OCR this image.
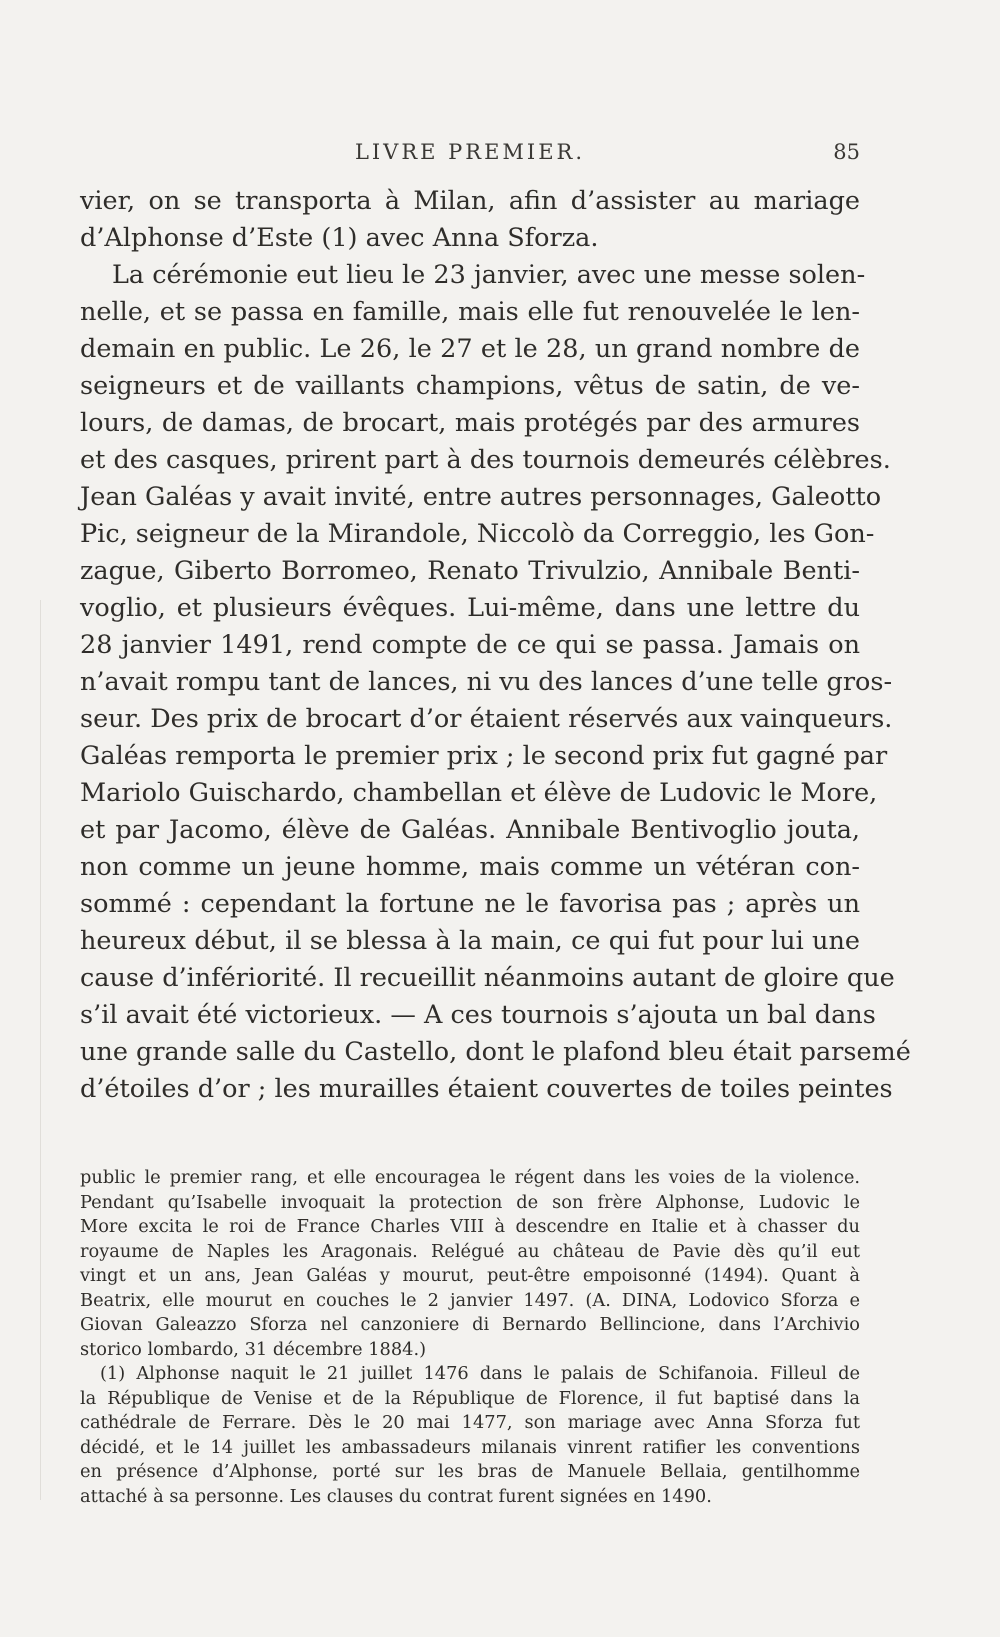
LIVRE PREMIER.	85
vier, on se transporta à Milan, afin d’assister au mariage
d’Alphonse d’Este (1) avec Anna Sforza.
La cérémonie eut lieu le 23 janvier, avec une messe solen-
nelle, et se passa en famille, mais elle fut renouvelée le len-
demain en public. Le 26, le 27 et le 28, un grand nombre de
seigneurs et de vaillants champions, vêtus de satin, de ve-
lours, de damas, de brocart, mais protégés par des armures
et des casques, prirent part à des tournois demeurés célèbres.
Jean Galéas y avait invité, entre autres personnages, Galeotto
Pic, seigneur de la Mirandole, Niccolò da Correggio, les Gon-
zague, Giberto Borromeo, Renato Trivulzio, Annibale Benti-
voglio, et plusieurs évêques. Lui-même, dans une lettre du
28 janvier 1491, rend compte de ce qui se passa. Jamais on
n’avait rompu tant de lances, ni vu des lances d’une telle gros-
seur. Des prix de brocart d’or étaient réservés aux vainqueurs.
Galéas remporta le premier prix ; le second prix fut gagné par
Mariolo Guischardo, chambellan et élève de Ludovic le More,
et par Jacomo, élève de Galéas. Annibale Bentivoglio jouta,
non comme un jeune homme, mais comme un vétéran con-
sommé : cependant la fortune ne le favorisa pas ; après un
heureux début, il se blessa à la main, ce qui fut pour lui une
cause d’infériorité. Il recueillit néanmoins autant de gloire que
s’il avait été victorieux. — A ces tournois s’ajouta un bal dans
une grande salle du Castello, dont le plafond bleu était parsemé
d’étoiles d’or ; les murailles étaient couvertes de toiles peintes
public le premier rang, et elle encouragea le régent dans les voies de la violence.
Pendant qu’Isabelle invoquait la protection de son frère Alphonse, Ludovic le
More excita le roi de France Charles VIII à descendre en Italie et à chasser du
royaume de Naples les Aragonais. Relégué au château de Pavie dès qu’il eut
vingt et un ans, Jean Galéas y mourut, peut-être empoisonné (1494). Quant à
Beatrix, elle mourut en couches le 2 janvier 1497. (A. DINA, Lodovico Sforza e
Giovan Galeazzo Sforza nel canzoniere di Bernardo Bellincione, dans l’Archivio
storico lombardo, 31 décembre 1884.)
(1) Alphonse naquit le 21 juillet 1476 dans le palais de Schifanoia. Filleul de
la République de Venise et de la République de Florence, il fut baptisé dans la
cathédrale de Ferrare. Dès le 20 mai 1477, son mariage avec Anna Sforza fut
décidé, et le 14 juillet les ambassadeurs milanais vinrent ratifier les conventions
en présence d’Alphonse, porté sur les bras de Manuele Bellaia, gentilhomme
attaché à sa personne. Les clauses du contrat furent signées en 1490.
